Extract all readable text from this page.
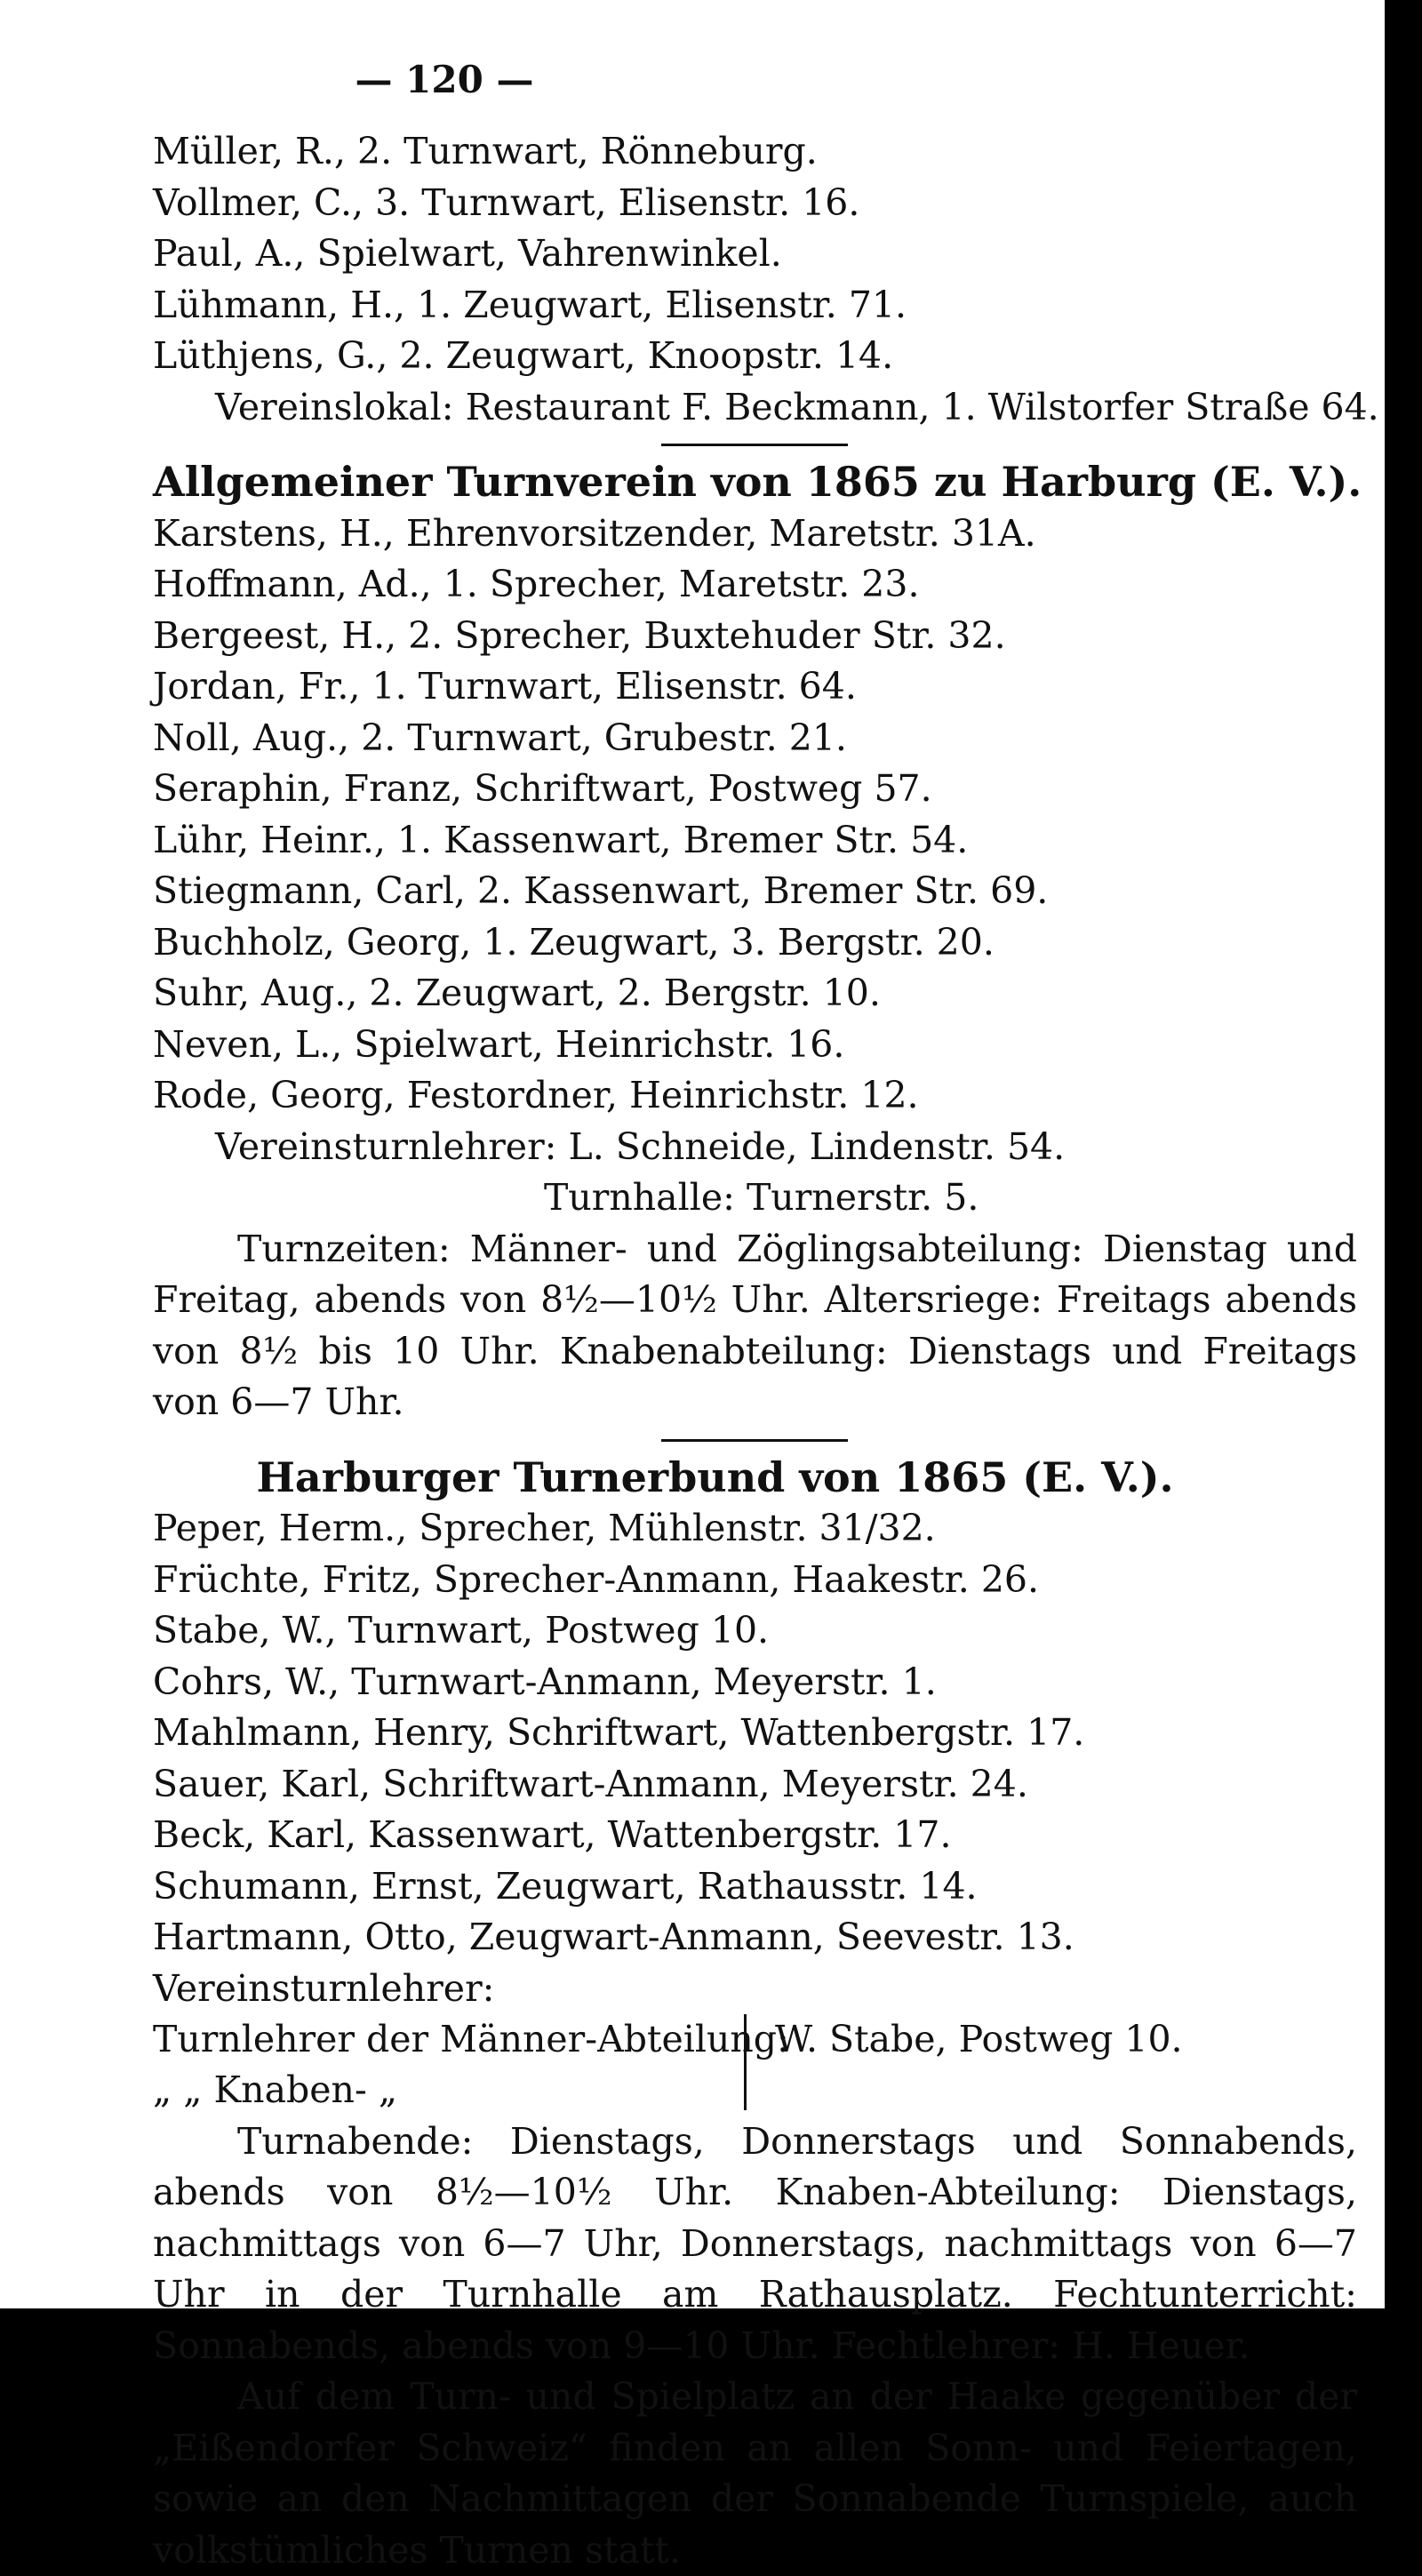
— 120 —
Müller, R., 2. Turnwart, Rönneburg.
Vollmer, C., 3. Turnwart, Elisenstr. 16.
Paul, A., Spielwart, Vahrenwinkel.
Lühmann, H., 1. Zeugwart, Elisenstr. 71.
Lüthjens, G., 2. Zeugwart, Knoopstr. 14.
Vereinslokal: Restaurant F. Beckmann, 1. Wilstorfer Straße 64.
Allgemeiner Turnverein von 1865 zu Harburg (E. V.).
Karstens, H., Ehrenvorsitzender, Maretstr. 31A.
Hoffmann, Ad., 1. Sprecher, Maretstr. 23.
Bergeest, H., 2. Sprecher, Buxtehuder Str. 32.
Jordan, Fr., 1. Turnwart, Elisenstr. 64.
Noll, Aug., 2. Turnwart, Grubestr. 21.
Seraphin, Franz, Schriftwart, Postweg 57.
Lühr, Heinr., 1. Kassenwart, Bremer Str. 54.
Stiegmann, Carl, 2. Kassenwart, Bremer Str. 69.
Buchholz, Georg, 1. Zeugwart, 3. Bergstr. 20.
Suhr, Aug., 2. Zeugwart, 2. Bergstr. 10.
Neven, L., Spielwart, Heinrichstr. 16.
Rode, Georg, Festordner, Heinrichstr. 12.
Vereinsturnlehrer: L. Schneide, Lindenstr. 54.
Turnhalle: Turnerstr. 5.
Turnzeiten: Männer- und Zöglingsabteilung: Dienstag und Freitag, abends von 8½—10½ Uhr. Altersriege: Freitags abends von 8½ bis 10 Uhr. Knabenabteilung: Dienstags und Freitags von 6—7 Uhr.
Harburger Turnerbund von 1865 (E. V.).
Peper, Herm., Sprecher, Mühlenstr. 31/32.
Früchte, Fritz, Sprecher-Anmann, Haakestr. 26.
Stabe, W., Turnwart, Postweg 10.
Cohrs, W., Turnwart-Anmann, Meyerstr. 1.
Mahlmann, Henry, Schriftwart, Wattenbergstr. 17.
Sauer, Karl, Schriftwart-Anmann, Meyerstr. 24.
Beck, Karl, Kassenwart, Wattenbergstr. 17.
Schumann, Ernst, Zeugwart, Rathausstr. 14.
Hartmann, Otto, Zeugwart-Anmann, Seevestr. 13.
Vereinsturnlehrer:
Turnlehrer der Männer-Abteilung:
„ „ Knaben- „
W. Stabe, Postweg 10.
Turnabende: Dienstags, Donnerstags und Sonnabends, abends von 8½—10½ Uhr. Knaben-Abteilung: Dienstags, nachmittags von 6—7 Uhr, Donnerstags, nachmittags von 6—7 Uhr in der Turnhalle am Rathausplatz. Fechtunterricht: Sonnabends, abends von 9—10 Uhr. Fechtlehrer: H. Heuer.
Auf dem Turn- und Spielplatz an der Haake gegenüber der „Eißendorfer Schweiz“ finden an allen Sonn- und Feiertagen, sowie an den Nachmittagen der Sonnabende Turnspiele, auch volkstümliches Turnen statt.
